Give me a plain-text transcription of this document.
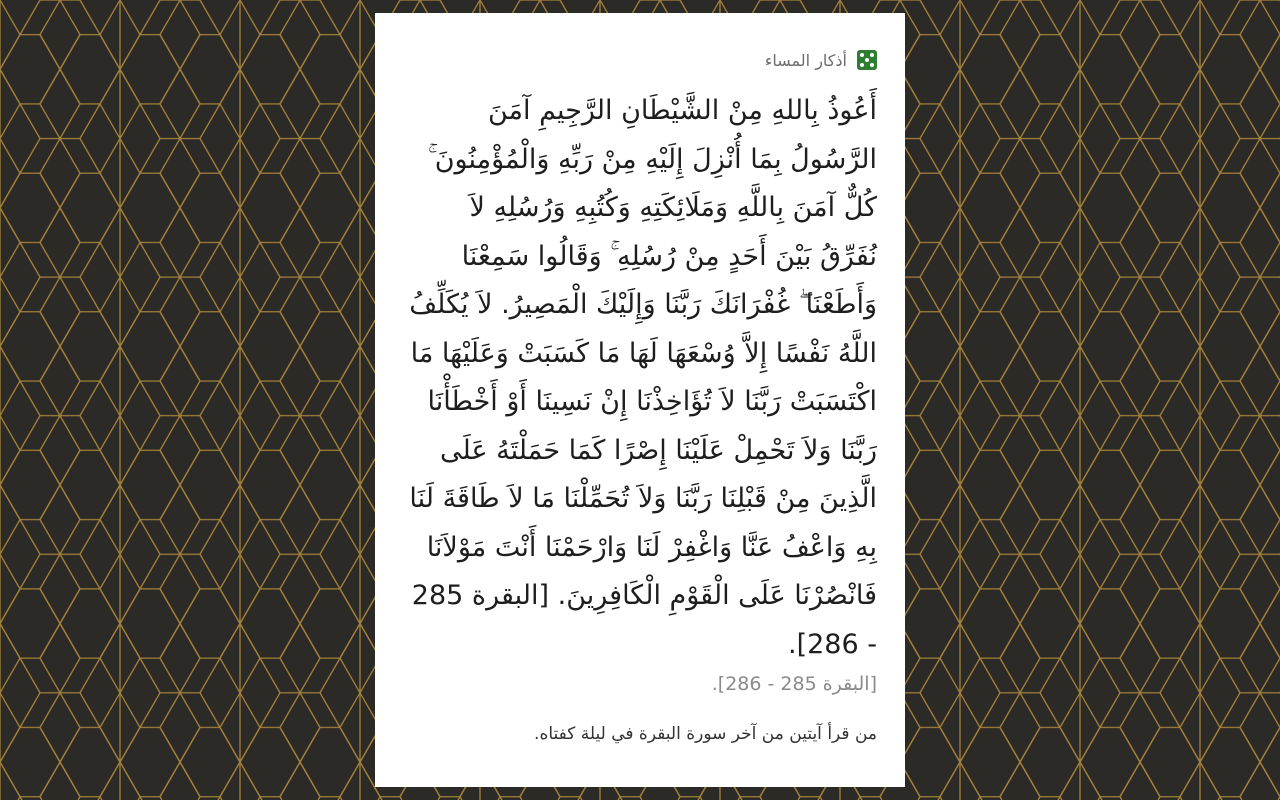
أذكار المساء

أَعُوذُ بِاللهِ مِنْ الشَّيْطَانِ الرَّجِيمِ آمَنَ الرَّسُولُ بِمَا أُنْزِلَ إِلَيْهِ مِنْ رَبِّهِ وَالْمُؤْمِنُونَ ۚ كُلٌّ آمَنَ بِاللَّهِ وَمَلَائِكَتِهِ وَكُتُبِهِ وَرُسُلِهِ لاَ نُفَرِّقُ بَيْنَ أَحَدٍ مِنْ رُسُلِهِ ۚ وَقَالُوا سَمِعْنَا وَأَطَعْنَا ۖ غُفْرَانَكَ رَبَّنَا وَإِلَيْكَ الْمَصِيرُ. لاَ يُكَلِّفُ اللَّهُ نَفْسًا إِلاَّ وُسْعَهَا لَهَا مَا كَسَبَتْ وَعَلَيْهَا مَا اكْتَسَبَتْ رَبَّنَا لاَ تُؤَاخِذْنَا إِنْ نَسِينَا أَوْ أَخْطَأْنَا رَبَّنَا وَلاَ تَحْمِلْ عَلَيْنَا إِصْرًا كَمَا حَمَلْتَهُ عَلَى الَّذِينَ مِنْ قَبْلِنَا رَبَّنَا وَلاَ تُحَمِّلْنَا مَا لاَ طَاقَةَ لَنَا بِهِ وَاعْفُ عَنَّا وَاغْفِرْ لَنَا وَارْحَمْنَا أَنْتَ مَوْلاَنَا فَانْصُرْنَا عَلَى الْقَوْمِ الْكَافِرِينَ. [البقرة 285 - 286].

[البقرة 285 - 286].

من قرأ آيتين من آخر سورة البقرة في ليلة كفتاه.
